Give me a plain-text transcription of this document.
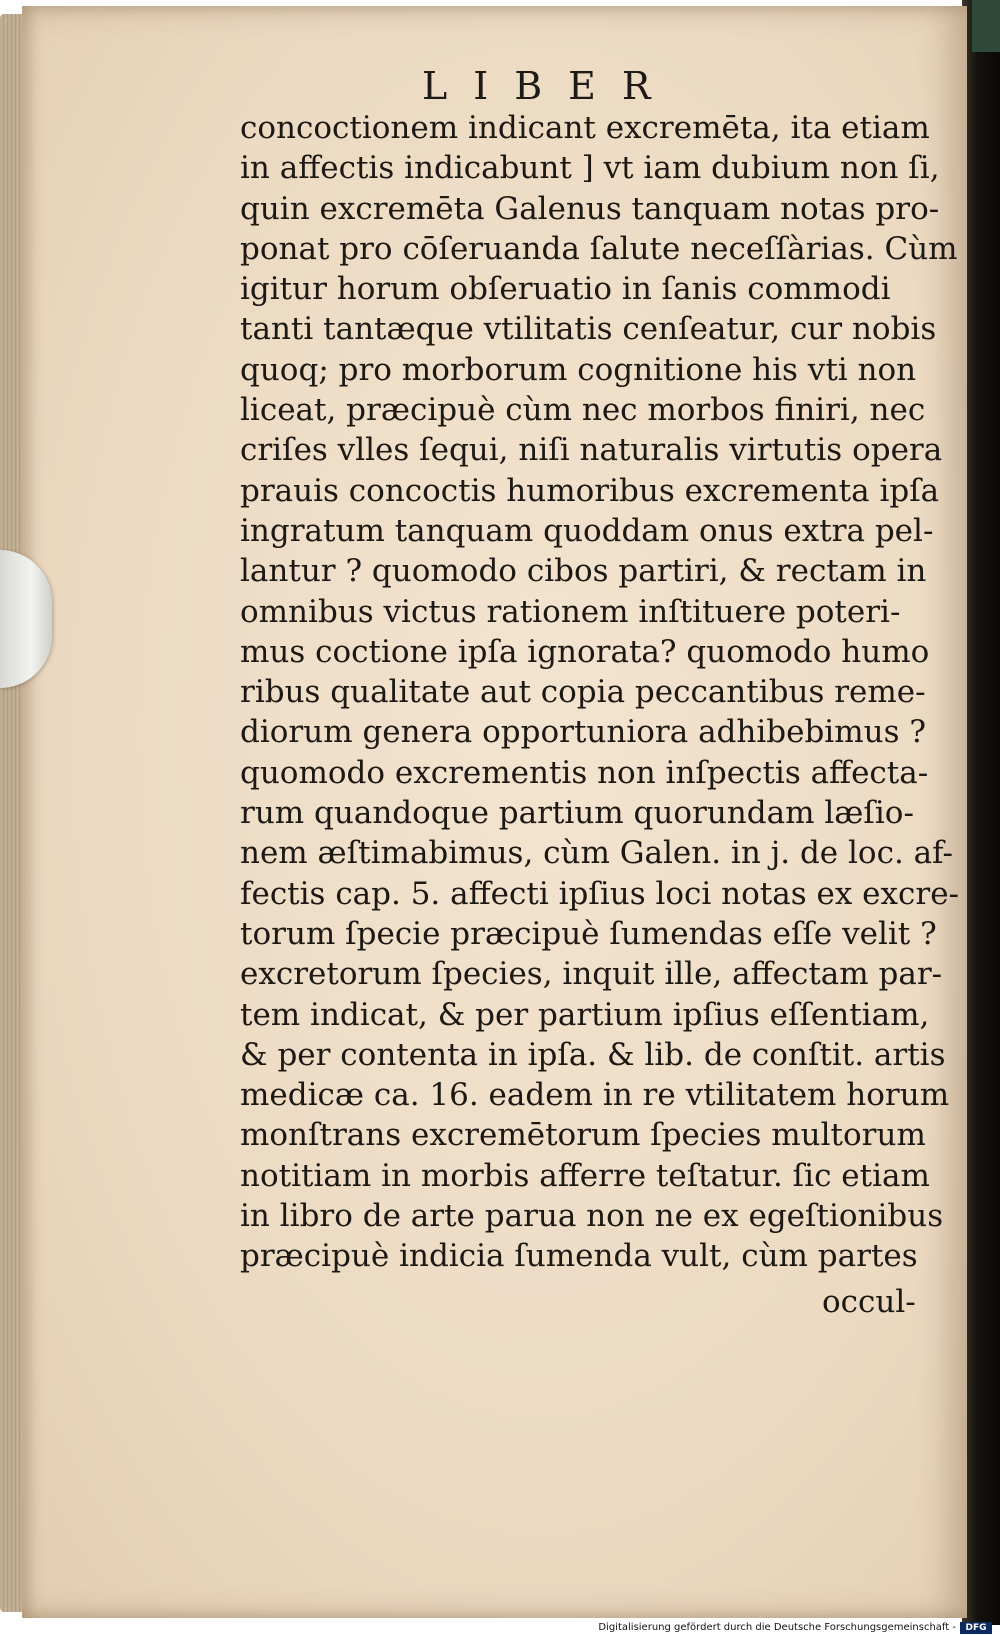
LIBER
concoctionem indicant excremēta, ita etiam
in affectis indicabunt ] vt iam dubium non ſi,
quin excremēta Galenus tanquam notas pro-
ponat pro cōſeruanda ſalute neceſſàrias. Cùm
igitur horum obſeruatio in ſanis commodi
tanti tantæque vtilitatis cenſeatur, cur nobis
quoq; pro morborum cognitione his vti non
liceat, præcipuè cùm nec morbos finiri, nec
criſes vlles ſequi, niſi naturalis virtutis opera
prauis concoctis humoribus excrementa ipſa
ingratum tanquam quoddam onus extra pel-
lantur ? quomodo cibos partiri, & rectam in
omnibus victus rationem inſtituere poteri-
mus coctione ipſa ignorata? quomodo humo
ribus qualitate aut copia peccantibus reme-
diorum genera opportuniora adhibebimus ?
quomodo excrementis non inſpectis affecta-
rum quandoque partium quorundam læſio-
nem æſtimabimus, cùm Galen. in j. de loc. af-
fectis cap. 5. affecti ipſius loci notas ex excre-
torum ſpecie præcipuè ſumendas eſſe velit ?
excretorum ſpecies, inquit ille, affectam par-
tem indicat, & per partium ipſius eſſentiam,
& per contenta in ipſa. & lib. de conſtit. artis
medicæ ca. 16. eadem in re vtilitatem horum
monſtrans excremētorum ſpecies multorum
notitiam in morbis afferre teſtatur. ſic etiam
in libro de arte parua non ne ex egeſtionibus
præcipuè indicia ſumenda vult, cùm partes
occul-
Digitalisierung gefördert durch die Deutsche Forschungsgemeinschaft -	DFG
